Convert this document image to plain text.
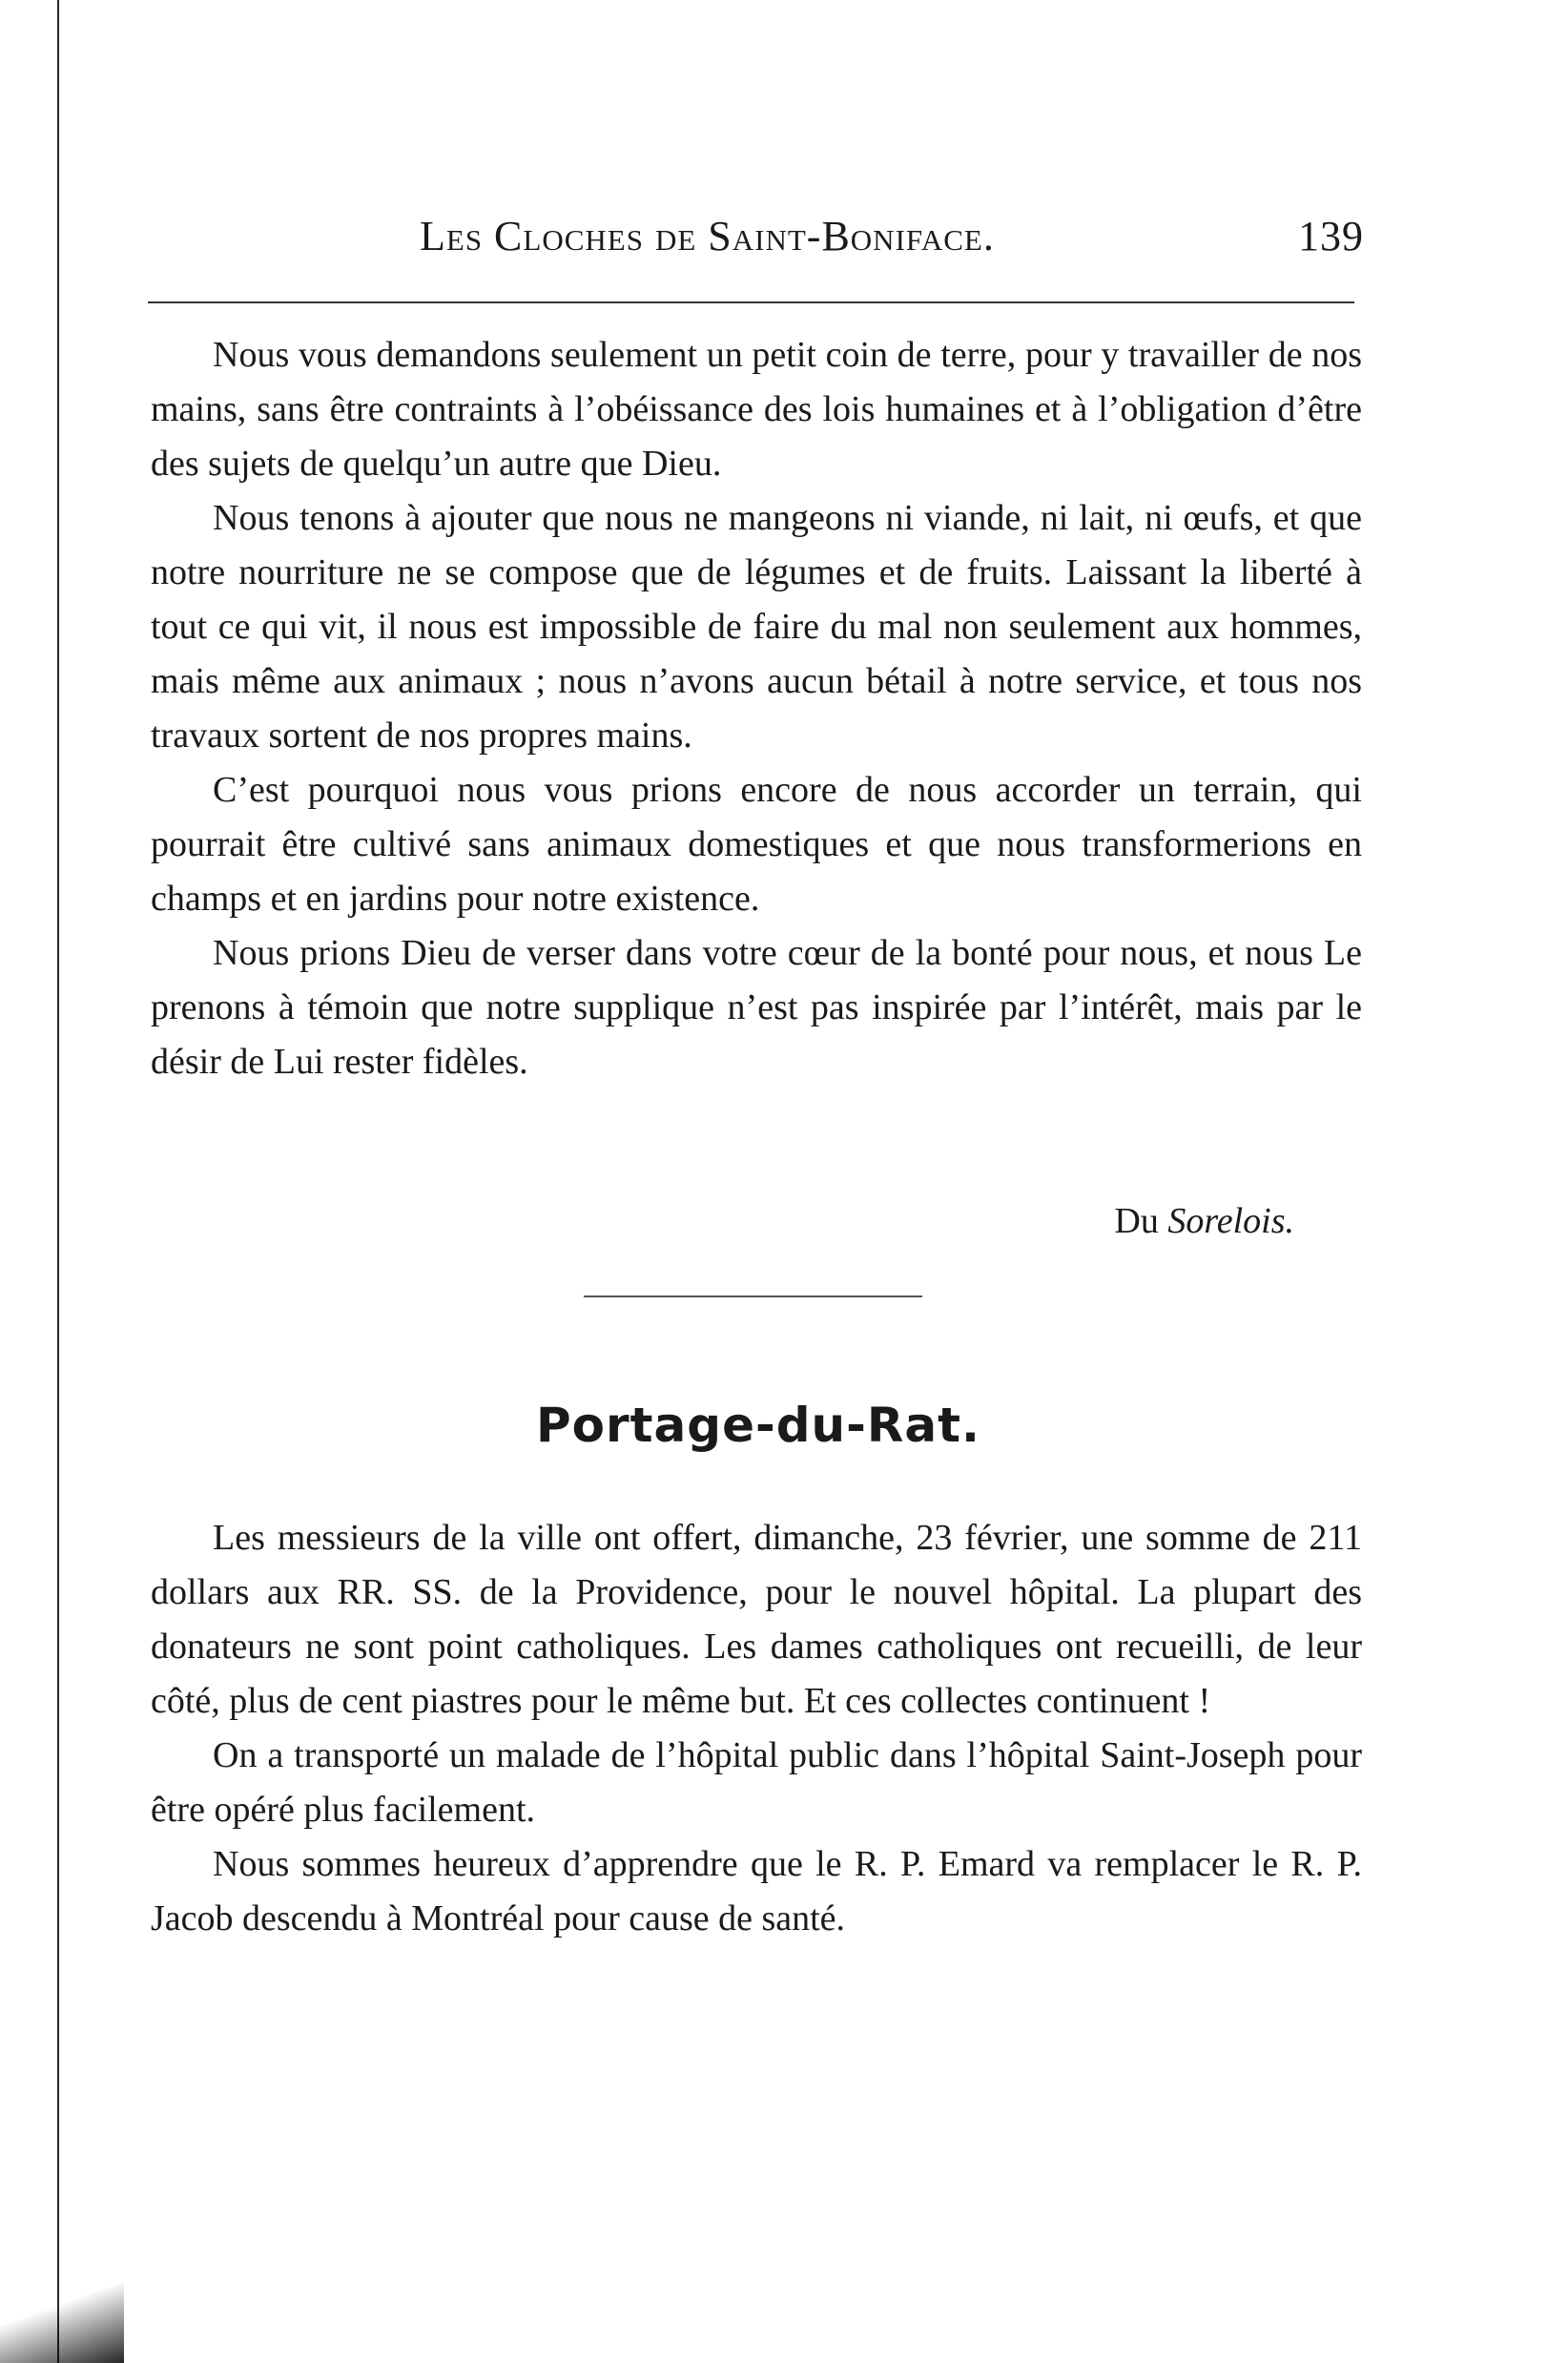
Les Cloches de Saint-Boniface.	139

Nous vous demandons seulement un petit coin de terre, pour y travailler de nos mains, sans être contraints à l’obéissance des lois humaines et à l’obligation d’être des sujets de quelqu’un autre que Dieu.

Nous tenons à ajouter que nous ne mangeons ni viande, ni lait, ni œufs, et que notre nourriture ne se compose que de légumes et de fruits. Laissant la liberté à tout ce qui vit, il nous est impossible de faire du mal non seulement aux hommes, mais même aux animaux ; nous n’avons aucun bétail à notre service, et tous nos travaux sortent de nos propres mains.

C’est pourquoi nous vous prions encore de nous accorder un terrain, qui pourrait être cultivé sans animaux domestiques et que nous transformerions en champs et en jardins pour notre existence.

Nous prions Dieu de verser dans votre cœur de la bonté pour nous, et nous Le prenons à témoin que notre supplique n’est pas inspirée par l’intérêt, mais par le désir de Lui rester fidèles.

Du Sorelois.
Portage-du-Rat.

Les messieurs de la ville ont offert, dimanche, 23 février, une somme de 211 dollars aux RR. SS. de la Providence, pour le nouvel hôpital. La plupart des donateurs ne sont point catholiques. Les dames catholiques ont recueilli, de leur côté, plus de cent piastres pour le même but. Et ces collectes continuent !

On a transporté un malade de l’hôpital public dans l’hôpital Saint-Joseph pour être opéré plus facilement.

Nous sommes heureux d’apprendre que le R. P. Emard va remplacer le R. P. Jacob descendu à Montréal pour cause de santé.
